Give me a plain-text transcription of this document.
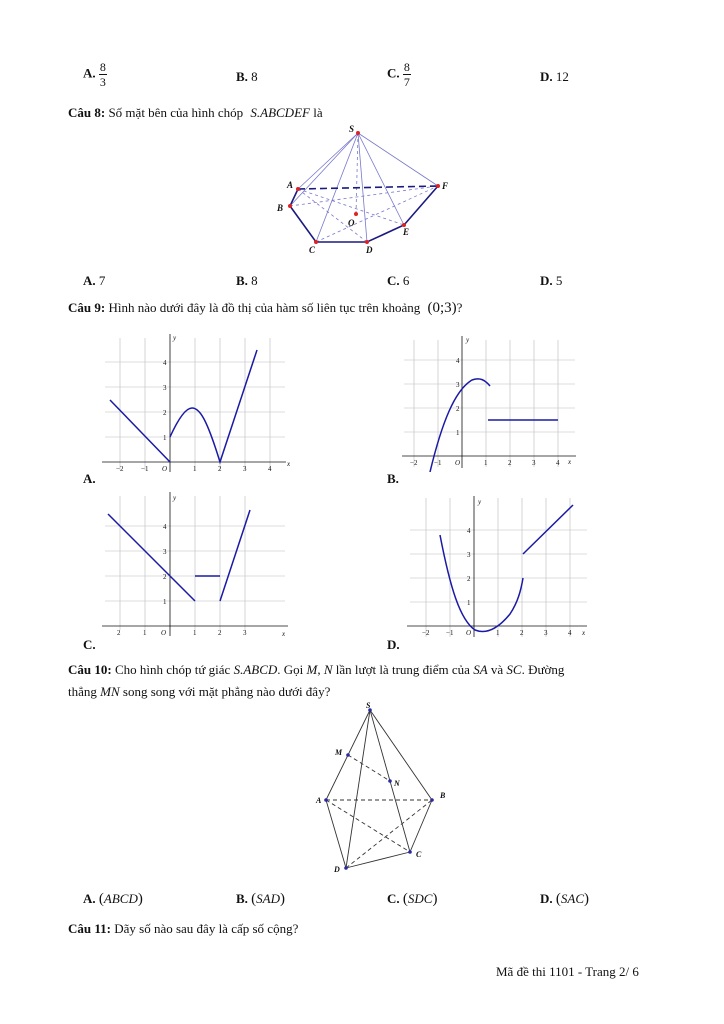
A. $\frac{8}{3}$	B. 8	C. $\frac{8}{7}$	D. 12
Câu 8: Số mặt bên của hình chóp S.ABCDEF là
S
A
B
C	D
E
F
O
A. 7	B. 8	C. 6	D. 5
Câu 9: Hình nào dưới đây là đồ thị của hàm số liên tục trên khoảng (0;3)?
x
y
O
−2	−1	1	2	3	4
1
2
3
4
A.
x
y
O
−2 −1	1	2	3	4
1
2
3
4
B.
x
y
O
2	1	1	2	3
1
2
3
4
C.
x
y
O
−2 −1	1	2	3	4
1
2
3
4
D.
Câu 10: Cho hình chóp tứ giác S.ABCD. Gọi M, N lần lượt là trung điểm của SA và SC. Đường
thẳng MN song song với mặt phẳng nào dưới đây?
S
M
N
A
B
C
D
A. (ABCD)	B. (SAD)	C. (SDC)	D. (SAC)
Câu 11: Dãy số nào sau đây là cấp số cộng?
Mã đề thi 1101 - Trang 2/ 6
